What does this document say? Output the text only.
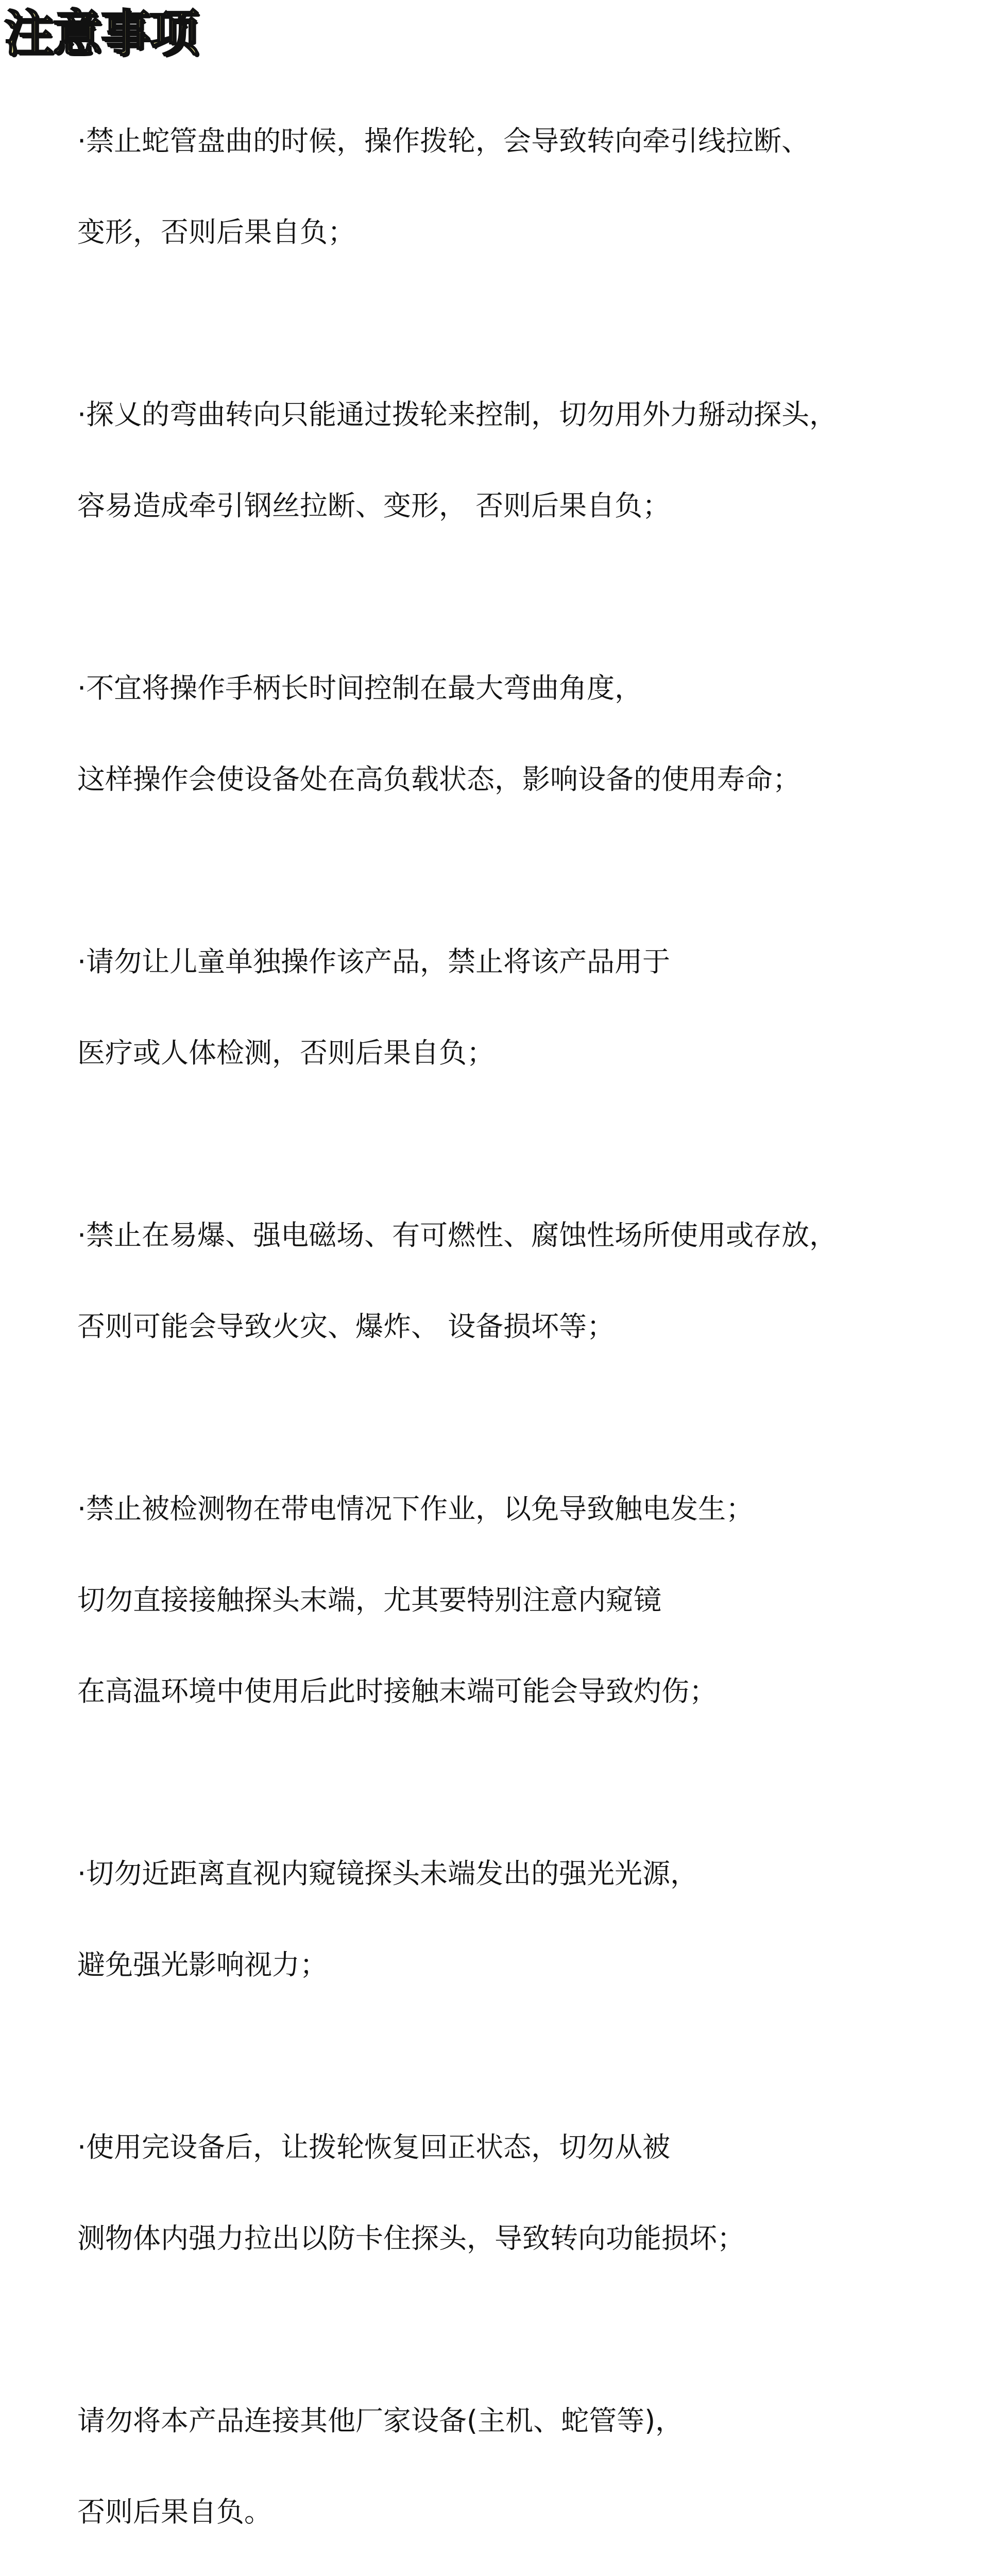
注意事项

·禁止蛇管盘曲的时候，操作拨轮，会导致转向牵引线拉断、

变形，否则后果自负；

·探乂的弯曲转向只能通过拨轮来控制，切勿用外力掰动探头，

容易造成牵引钢丝拉断、变形， 否则后果自负；

·不宜将操作手柄长时间控制在最大弯曲角度，

这样操作会使设备处在高负载状态，影响设备的使用寿命；

·请勿让儿童单独操作该产品，禁止将该产品用于

医疗或人体检测，否则后果自负；

·禁止在易爆、强电磁场、有可燃性、腐蚀性场所使用或存放，

否则可能会导致火灾、爆炸、 设备损坏等；

·禁止被检测物在带电情况下作业，以免导致触电发生；

切勿直接接触探头末端，尤其要特别注意内窥镜

在高温环境中使用后此时接触末端可能会导致灼伤；

·切勿近距离直视内窥镜探头未端发出的强光光源，

避免强光影响视力；

·使用完设备后，让拨轮恢复回正状态，切勿从被

测物体内强力拉出以防卡住探头，导致转向功能损坏；

请勿将本产品连接其他厂家设备(主机、蛇管等)，

否则后果自负。
